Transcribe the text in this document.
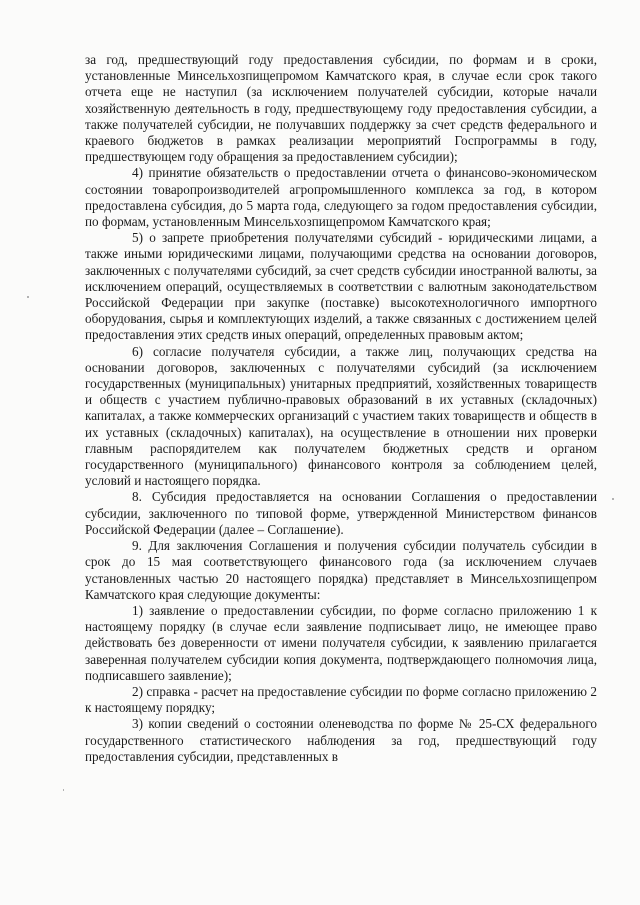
за год, предшествующий году предоставления субсидии, по формам и в сроки, установленные Минсельхозпищепромом Камчатского края, в случае если срок такого отчета еще не наступил (за исключением получателей субсидии, которые начали хозяйственную деятельность в году, предшествующему году предоставления субсидии, а также получателей субсидии, не получавших поддержку за счет средств федерального и краевого бюджетов в рамках реализации мероприятий Госпрограммы в году, предшествующем году обращения за предоставлением субсидии);

4) принятие обязательств о предоставлении отчета о финансово-экономическом состоянии товаропроизводителей агропромышленного комплекса за год, в котором предоставлена субсидия, до 5 марта года, следующего за годом предоставления субсидии, по формам, установленным Минсельхозпищепромом Камчатского края;

5) о запрете приобретения получателями субсидий - юридическими лицами, а также иными юридическими лицами, получающими средства на основании договоров, заключенных с получателями субсидий, за счет средств субсидии иностранной валюты, за исключением операций, осуществляемых в соответствии с валютным законодательством Российской Федерации при закупке (поставке) высокотехнологичного импортного оборудования, сырья и комплектующих изделий, а также связанных с достижением целей предоставления этих средств иных операций, определенных правовым актом;

6) согласие получателя субсидии, а также лиц, получающих средства на основании договоров, заключенных с получателями субсидий (за исключением государственных (муниципальных) унитарных предприятий, хозяйственных товариществ и обществ с участием публично-правовых образований в их уставных (складочных) капиталах, а также коммерческих организаций с участием таких товариществ и обществ в их уставных (складочных) капиталах), на осуществление в отношении них проверки главным распорядителем как получателем бюджетных средств и органом государственного (муниципального) финансового контроля за соблюдением целей, условий и настоящего порядка.

8. Субсидия предоставляется на основании Соглашения о предоставлении субсидии, заключенного по типовой форме, утвержденной Министерством финансов Российской Федерации (далее – Соглашение).

9. Для заключения Соглашения и получения субсидии получатель субсидии в срок до 15 мая соответствующего финансового года (за исключением случаев установленных частью 20 настоящего порядка) представляет в Минсельхозпищепром Камчатского края следующие документы:

1) заявление о предоставлении субсидии, по форме согласно приложению 1 к настоящему порядку (в случае если заявление подписывает лицо, не имеющее право действовать без доверенности от имени получателя субсидии, к заявлению прилагается заверенная получателем субсидии копия документа, подтверждающего полномочия лица, подписавшего заявление);

2) справка - расчет на предоставление субсидии по форме согласно приложению 2 к настоящему порядку;

3) копии сведений о состоянии оленеводства по форме № 25-СХ федерального государственного статистического наблюдения за год, предшествующий году предоставления субсидии, представленных в
